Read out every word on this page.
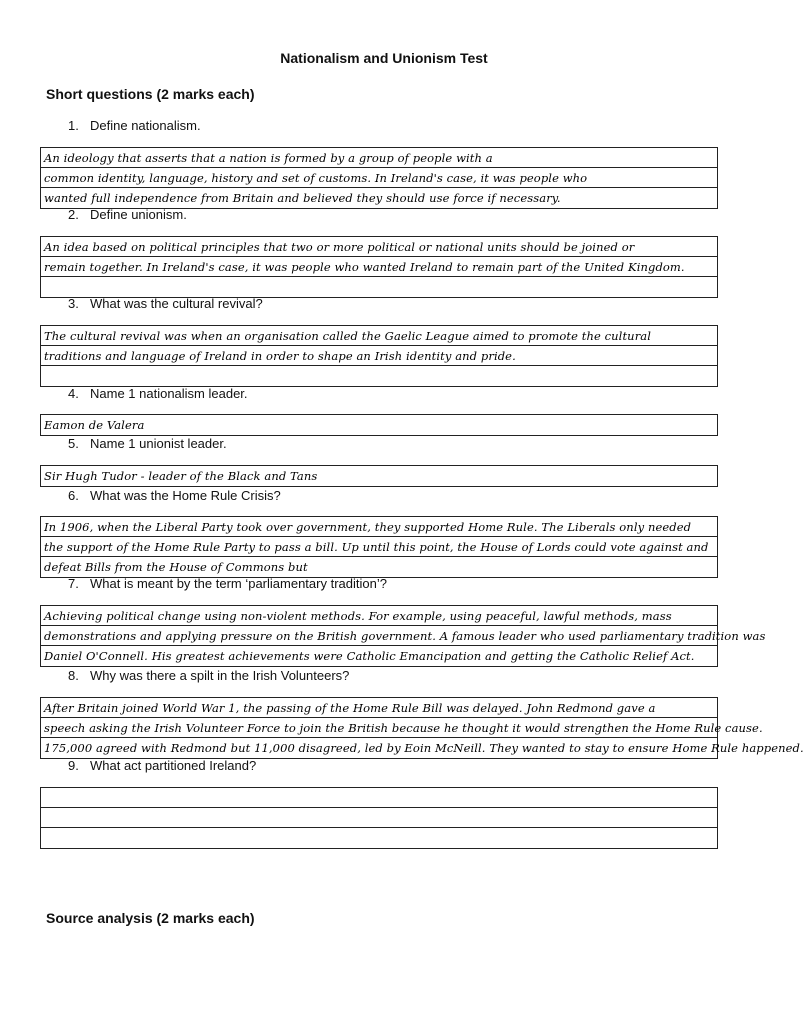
Nationalism and Unionism Test
Short questions (2 marks each)
1. Define nationalism.
An ideology that asserts that a nation is formed by a group of people with a
common identity, language, history and set of customs. In Ireland's case, it was people who
wanted full independence from Britain and believed they should use force if necessary.
2. Define unionism.
An idea based on political principles that two or more political or national units should be joined or
remain together. In Ireland's case, it was people who wanted Ireland to remain part of the United Kingdom.
3. What was the cultural revival?
The cultural revival was when an organisation called the Gaelic League aimed to promote the cultural
traditions and language of Ireland in order to shape an Irish identity and pride.
4. Name 1 nationalism leader.
Eamon de Valera
5. Name 1 unionist leader.
Sir Hugh Tudor - leader of the Black and Tans
6. What was the Home Rule Crisis?
In 1906, when the Liberal Party took over government, they supported Home Rule. The Liberals only needed
the support of the Home Rule Party to pass a bill. Up until this point, the House of Lords could vote against and
defeat Bills from the House of Commons but
7. What is meant by the term ‘parliamentary tradition’?
Achieving political change using non-violent methods. For example, using peaceful, lawful methods, mass
demonstrations and applying pressure on the British government. A famous leader who used parliamentary tradition was
Daniel O'Connell. His greatest achievements were Catholic Emancipation and getting the Catholic Relief Act.
8. Why was there a spilt in the Irish Volunteers?
After Britain joined World War 1, the passing of the Home Rule Bill was delayed. John Redmond gave a
speech asking the Irish Volunteer Force to join the British because he thought it would strengthen the Home Rule cause.
175,000 agreed with Redmond but 11,000 disagreed, led by Eoin McNeill. They wanted to stay to ensure Home Rule happened.
9. What act partitioned Ireland?
Source analysis (2 marks each)
